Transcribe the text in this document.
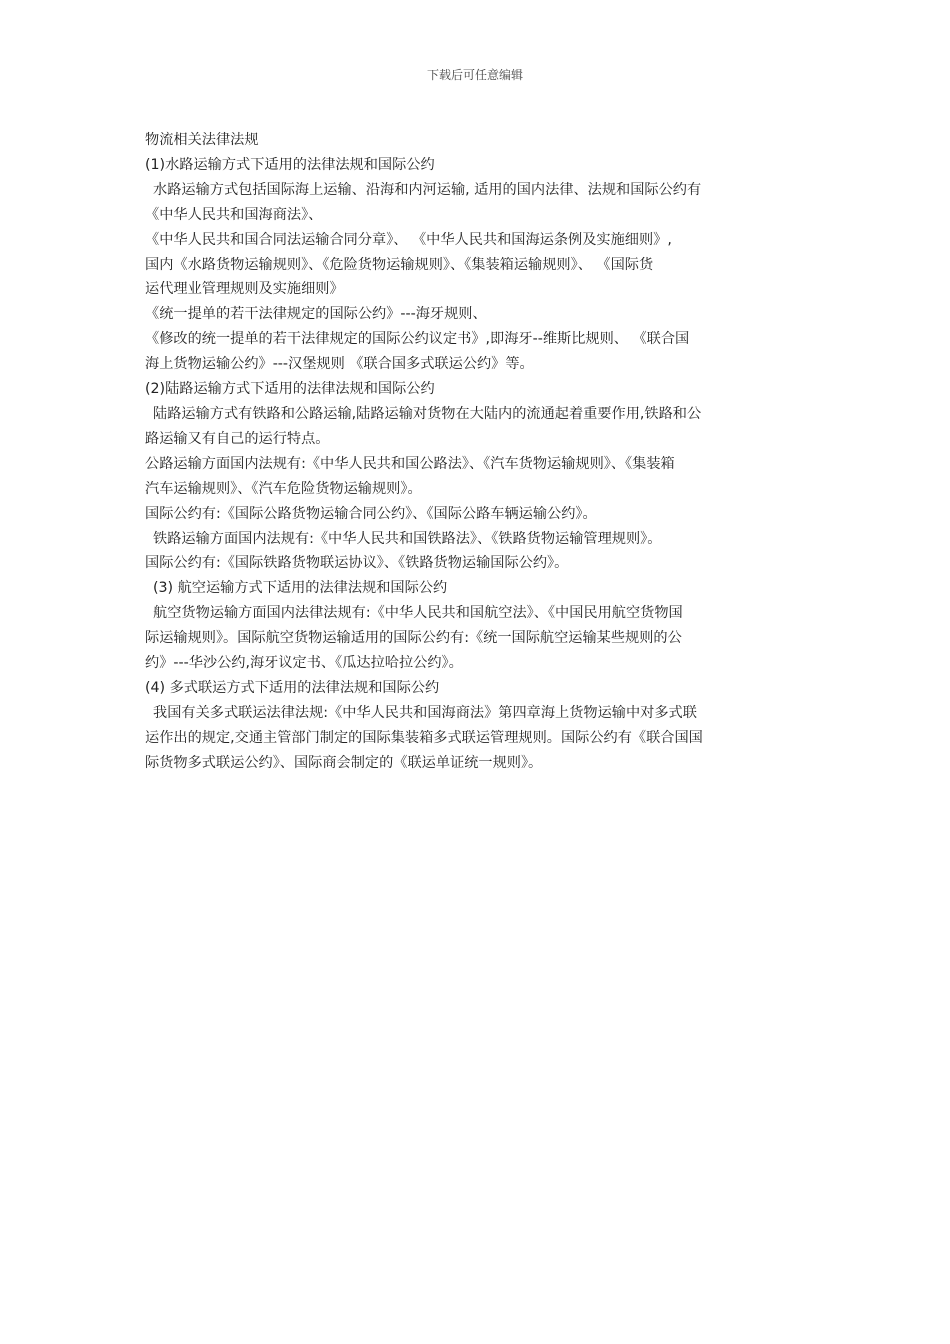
下载后可任意编辑
物流相关法律法规
(1)水路运输方式下适用的法律法规和国际公约
水路运输方式包括国际海上运输、沿海和内河运输, 适用的国内法律、法规和国际公约有
《中华人民共和国海商法》、
《中华人民共和国合同法运输合同分章》、 《中华人民共和国海运条例及实施细则》,
国内《水路货物运输规则》、《危险货物运输规则》、《集装箱运输规则》、 《国际货
运代理业管理规则及实施细则》
《统一提单的若干法律规定的国际公约》---海牙规则、
《修改的统一提单的若干法律规定的国际公约议定书》,即海牙--维斯比规则、 《联合国
海上货物运输公约》---汉堡规则 《联合国多式联运公约》等。
(2)陆路运输方式下适用的法律法规和国际公约
陆路运输方式有铁路和公路运输,陆路运输对货物在大陆内的流通起着重要作用,铁路和公
路运输又有自己的运行特点。
公路运输方面国内法规有:《中华人民共和国公路法》、《汽车货物运输规则》、《集装箱
汽车运输规则》、《汽车危险货物运输规则》。
国际公约有:《国际公路货物运输合同公约》、《国际公路车辆运输公约》。
铁路运输方面国内法规有:《中华人民共和国铁路法》、《铁路货物运输管理规则》。
国际公约有:《国际铁路货物联运协议》、《铁路货物运输国际公约》。
(3) 航空运输方式下适用的法律法规和国际公约
航空货物运输方面国内法律法规有:《中华人民共和国航空法》、《中国民用航空货物国
际运输规则》。国际航空货物运输适用的国际公约有:《统一国际航空运输某些规则的公
约》---华沙公约,海牙议定书、《瓜达拉哈拉公约》。
(4) 多式联运方式下适用的法律法规和国际公约
我国有关多式联运法律法规:《中华人民共和国海商法》第四章海上货物运输中对多式联
运作出的规定,交通主管部门制定的国际集装箱多式联运管理规则。国际公约有《联合国国
际货物多式联运公约》、国际商会制定的《联运单证统一规则》。
